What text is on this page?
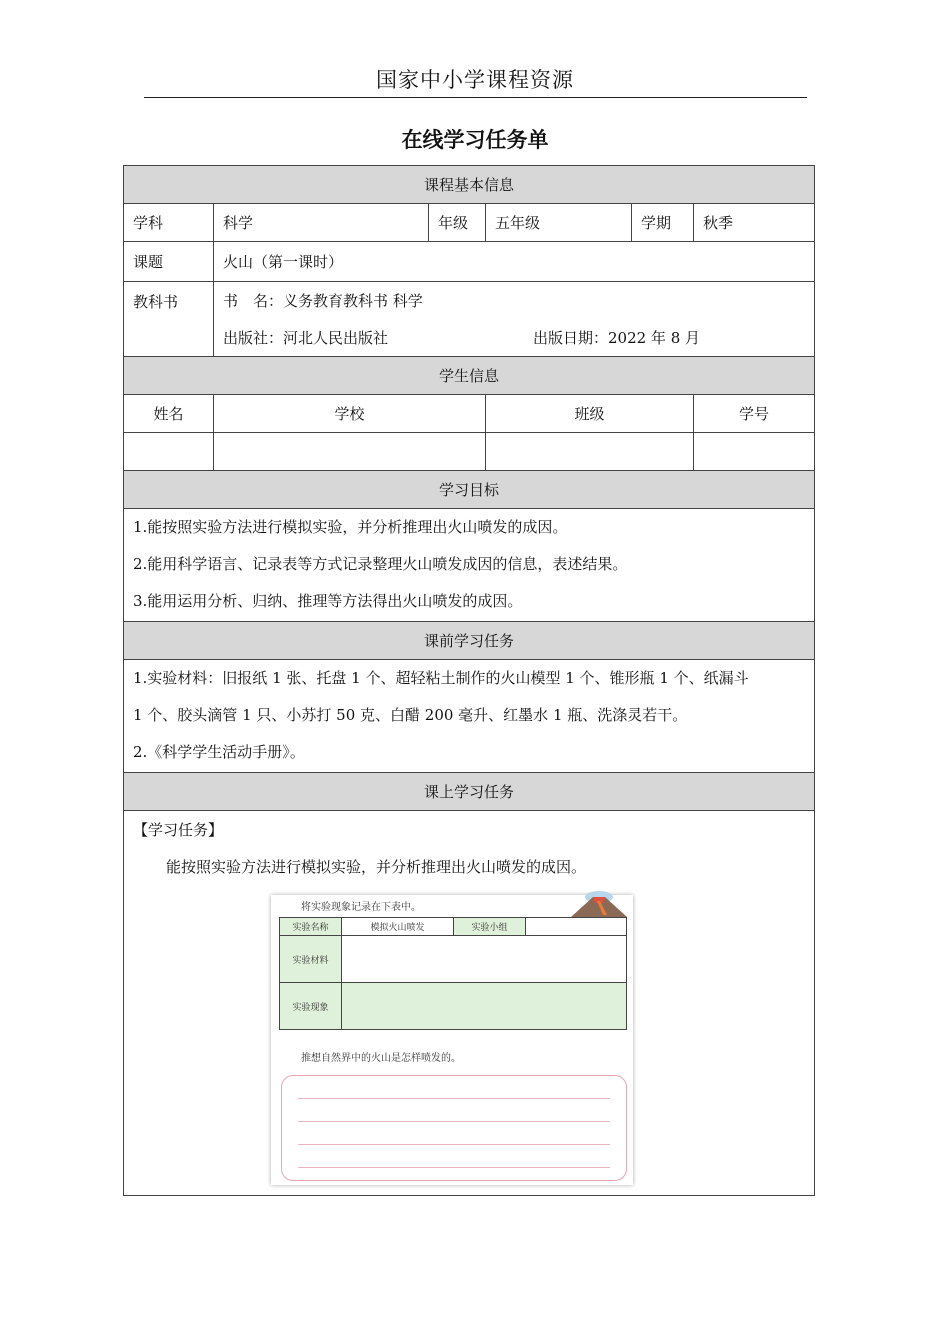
国家中小学课程资源
在线学习任务单
课程基本信息
学科	科学	年级	五年级	学期	秋季
课题	火山（第一课时）
教科书	书　名：义务教育教科书 科学
出版社：河北人民出版社	出版日期：2022 年 8 月

学生信息
姓名	学校	班级	学号

学习目标

1.能按照实验方法进行模拟实验，并分析推理出火山喷发的成因。
2.能用科学语言、记录表等方式记录整理火山喷发成因的信息，表述结果。
3.能用运用分析、归纳、推理等方法得出火山喷发的成因。

课前学习任务

1.实验材料：旧报纸 1 张、托盘 1 个、超轻粘土制作的火山模型 1 个、锥形瓶 1 个、纸漏斗
1 个、胶头滴管 1 只、小苏打 50 克、白醋 200 毫升、红墨水 1 瓶、洗涤灵若干。
2.《科学学生活动手册》。

课上学习任务

【学习任务】
能按照实验方法进行模拟实验，并分析推理出火山喷发的成因。
将实验现象记录在下表中。
实验名称	模拟火山喷发	实验小组	
实验材料	
实验现象	
推想自然界中的火山是怎样喷发的。
